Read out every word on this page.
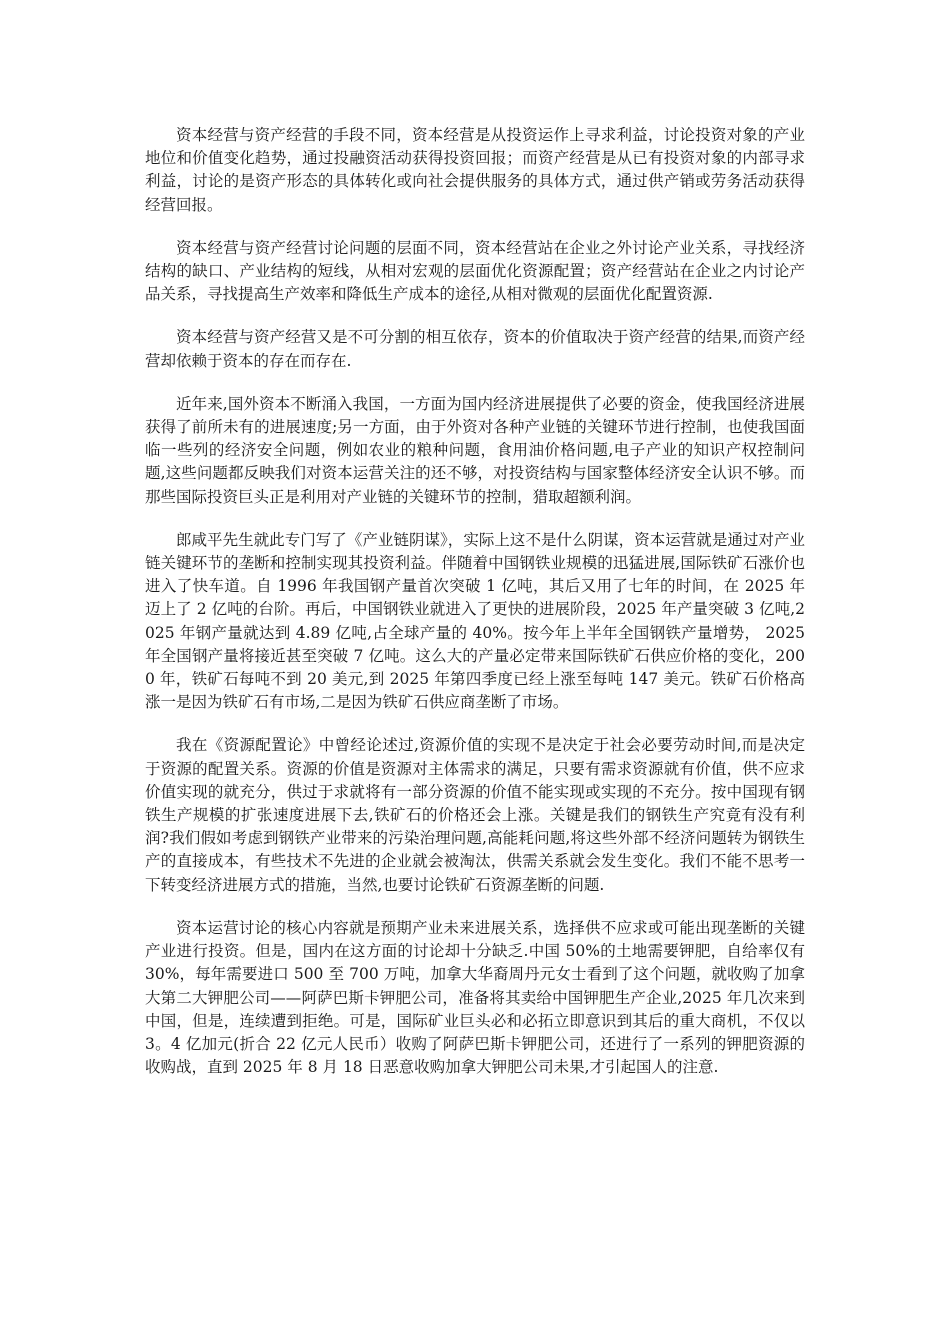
资本经营与资产经营的手段不同，资本经营是从投资运作上寻求利益，讨论投资对象的产业地位和价值变化趋势，通过投融资活动获得投资回报；而资产经营是从已有投资对象的内部寻求利益，讨论的是资产形态的具体转化或向社会提供服务的具体方式，通过供产销或劳务活动获得经营回报。

资本经营与资产经营讨论问题的层面不同，资本经营站在企业之外讨论产业关系，寻找经济结构的缺口、产业结构的短线，从相对宏观的层面优化资源配置；资产经营站在企业之内讨论产品关系，寻找提高生产效率和降低生产成本的途径,从相对微观的层面优化配置资源.

资本经营与资产经营又是不可分割的相互依存，资本的价值取决于资产经营的结果,而资产经营却依赖于资本的存在而存在.

近年来,国外资本不断涌入我国，一方面为国内经济进展提供了必要的资金，使我国经济进展获得了前所未有的进展速度;另一方面，由于外资对各种产业链的关键环节进行控制，也使我国面临一些列的经济安全问题，例如农业的粮种问题，食用油价格问题,电子产业的知识产权控制问题,这些问题都反映我们对资本运营关注的还不够，对投资结构与国家整体经济安全认识不够。而那些国际投资巨头正是利用对产业链的关键环节的控制，猎取超额利润。

郎咸平先生就此专门写了《产业链阴谋》，实际上这不是什么阴谋，资本运营就是通过对产业链关键环节的垄断和控制实现其投资利益。伴随着中国钢铁业规模的迅猛进展,国际铁矿石涨价也进入了快车道。自 1996 年我国钢产量首次突破 1 亿吨，其后又用了七年的时间，在 2025 年迈上了 2 亿吨的台阶。再后，中国钢铁业就进入了更快的进展阶段，2025 年产量突破 3 亿吨,2025 年钢产量就达到 4.89 亿吨,占全球产量的 40%。按今年上半年全国钢铁产量增势， 2025 年全国钢产量将接近甚至突破 7 亿吨。这么大的产量必定带来国际铁矿石供应价格的变化，2000 年，铁矿石每吨不到 20 美元,到 2025 年第四季度已经上涨至每吨 147 美元。铁矿石价格高涨一是因为铁矿石有市场,二是因为铁矿石供应商垄断了市场。

我在《资源配置论》中曾经论述过,资源价值的实现不是决定于社会必要劳动时间,而是决定于资源的配置关系。资源的价值是资源对主体需求的满足，只要有需求资源就有价值，供不应求价值实现的就充分，供过于求就将有一部分资源的价值不能实现或实现的不充分。按中国现有钢铁生产规模的扩张速度进展下去,铁矿石的价格还会上涨。关键是我们的钢铁生产究竟有没有利润?我们假如考虑到钢铁产业带来的污染治理问题,高能耗问题,将这些外部不经济问题转为钢铁生产的直接成本，有些技术不先进的企业就会被淘汰，供需关系就会发生变化。我们不能不思考一下转变经济进展方式的措施，当然,也要讨论铁矿石资源垄断的问题.

资本运营讨论的核心内容就是预期产业未来进展关系，选择供不应求或可能出现垄断的关键产业进行投资。但是，国内在这方面的讨论却十分缺乏.中国 50%的土地需要钾肥，自给率仅有 30%，每年需要进口 500 至 700 万吨，加拿大华裔周丹元女士看到了这个问题，就收购了加拿大第二大钾肥公司——阿萨巴斯卡钾肥公司，准备将其卖给中国钾肥生产企业,2025 年几次来到中国，但是，连续遭到拒绝。可是，国际矿业巨头必和必拓立即意识到其后的重大商机，不仅以 3。4 亿加元(折合 22 亿元人民币）收购了阿萨巴斯卡钾肥公司，还进行了一系列的钾肥资源的收购战，直到 2025 年 8 月 18 日恶意收购加拿大钾肥公司未果,才引起国人的注意.
